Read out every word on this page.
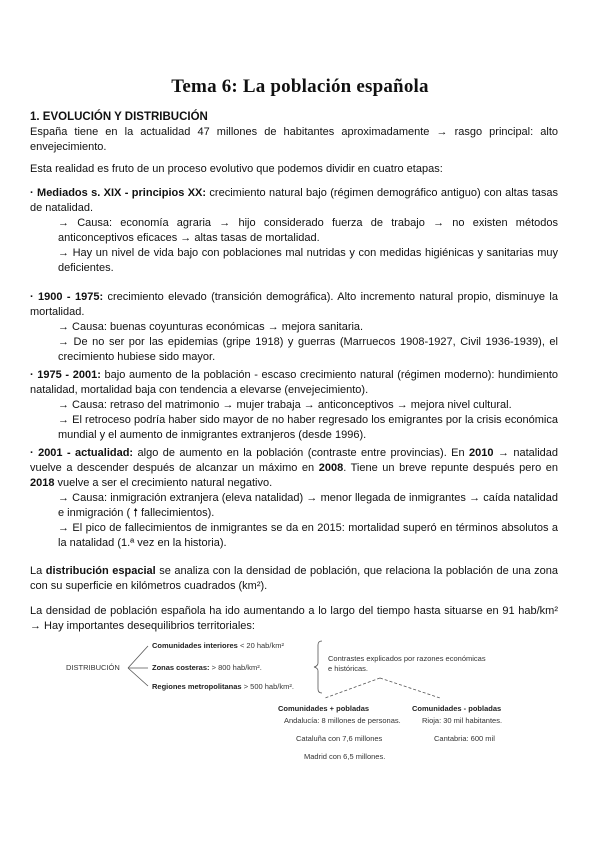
Tema 6: La población española
1. EVOLUCIÓN Y DISTRIBUCIÓN
España tiene en la actualidad 47 millones de habitantes aproximadamente → rasgo principal: alto envejecimiento.
Esta realidad es fruto de un proceso evolutivo que podemos dividir en cuatro etapas:
· Mediados s. XIX - principios XX: crecimiento natural bajo (régimen demográfico antiguo) con altas tasas de natalidad.
→ Causa: economía agraria → hijo considerado fuerza de trabajo → no existen métodos anticonceptivos eficaces → altas tasas de mortalidad.
→ Hay un nivel de vida bajo con poblaciones mal nutridas y con medidas higiénicas y sanitarias muy deficientes.
· 1900 - 1975: crecimiento elevado (transición demográfica). Alto incremento natural propio, disminuye la mortalidad.
→ Causa: buenas coyunturas económicas → mejora sanitaria.
→ De no ser por las epidemias (gripe 1918) y guerras (Marruecos 1908-1927, Civil 1936-1939), el crecimiento hubiese sido mayor.
· 1975 - 2001: bajo aumento de la población - escaso crecimiento natural (régimen moderno): hundimiento natalidad, mortalidad baja con tendencia a elevarse (envejecimiento).
→ Causa: retraso del matrimonio → mujer trabaja → anticonceptivos → mejora nivel cultural.
→ El retroceso podría haber sido mayor de no haber regresado los emigrantes por la crisis económica mundial y el aumento de inmigrantes extranjeros (desde 1996).
· 2001 - actualidad: algo de aumento en la población (contraste entre provincias). En 2010 → natalidad vuelve a descender después de alcanzar un máximo en 2008. Tiene un breve repunte después pero en 2018 vuelve a ser el crecimiento natural negativo.
→ Causa: inmigración extranjera (eleva natalidad) → menor llegada de inmigrantes → caída natalidad e inmigración ( 🠕 fallecimientos).
→ El pico de fallecimientos de inmigrantes se da en 2015: mortalidad superó en términos absolutos a la natalidad (1.ª vez en la historia).
La distribución espacial se analiza con la densidad de población, que relaciona la población de una zona con su superficie en kilómetros cuadrados (km²).
La densidad de población española ha ido aumentando a lo largo del tiempo hasta situarse en 91 hab/km² → Hay importantes desequilibrios territoriales:
DISTRIBUCIÓN
Comunidades interiores < 20 hab/km²
Zonas costeras: > 800 hab/km².
Regiones metropolitanas > 500 hab/km².
Contrastes explicados por razones económicas e históricas.
Comunidades + pobladas
Andalucía: 8 millones de personas.
Cataluña con 7,6 millones
Madrid con 6,5 millones.
Comunidades - pobladas
Rioja: 30 mil habitantes.
Cantabria: 600 mil
